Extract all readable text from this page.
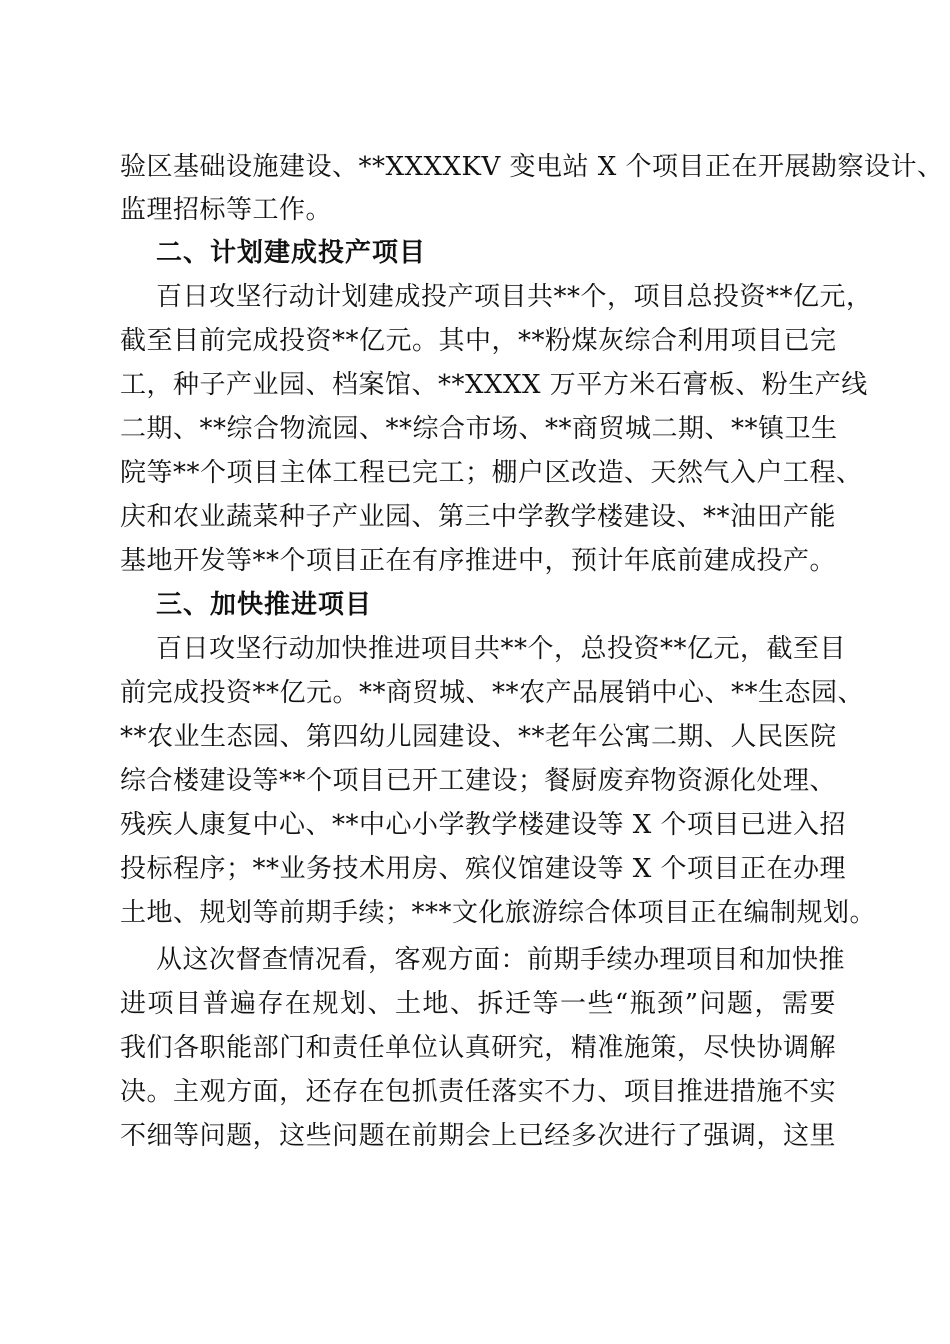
验区基础设施建设、**XXXXKV 变电站 X 个项目正在开展勘察设计、
监理招标等工作。
二、计划建成投产项目
百日攻坚行动计划建成投产项目共**个，项目总投资**亿元，
截至目前完成投资**亿元。其中，**粉煤灰综合利用项目已完
工，种子产业园、档案馆、**XXXX 万平方米石膏板、粉生产线
二期、**综合物流园、**综合市场、**商贸城二期、**镇卫生
院等**个项目主体工程已完工；棚户区改造、天然气入户工程、
庆和农业蔬菜种子产业园、第三中学教学楼建设、**油田产能
基地开发等**个项目正在有序推进中，预计年底前建成投产。
三、加快推进项目
百日攻坚行动加快推进项目共**个，总投资**亿元，截至目
前完成投资**亿元。**商贸城、**农产品展销中心、**生态园、
**农业生态园、第四幼儿园建设、**老年公寓二期、人民医院
综合楼建设等**个项目已开工建设；餐厨废弃物资源化处理、
残疾人康复中心、**中心小学教学楼建设等 X 个项目已进入招
投标程序；**业务技术用房、殡仪馆建设等 X 个项目正在办理
土地、规划等前期手续；***文化旅游综合体项目正在编制规划。
从这次督查情况看，客观方面：前期手续办理项目和加快推
进项目普遍存在规划、土地、拆迁等一些“瓶颈”问题，需要
我们各职能部门和责任单位认真研究，精准施策，尽快协调解
决。主观方面，还存在包抓责任落实不力、项目推进措施不实
不细等问题，这些问题在前期会上已经多次进行了强调，这里
